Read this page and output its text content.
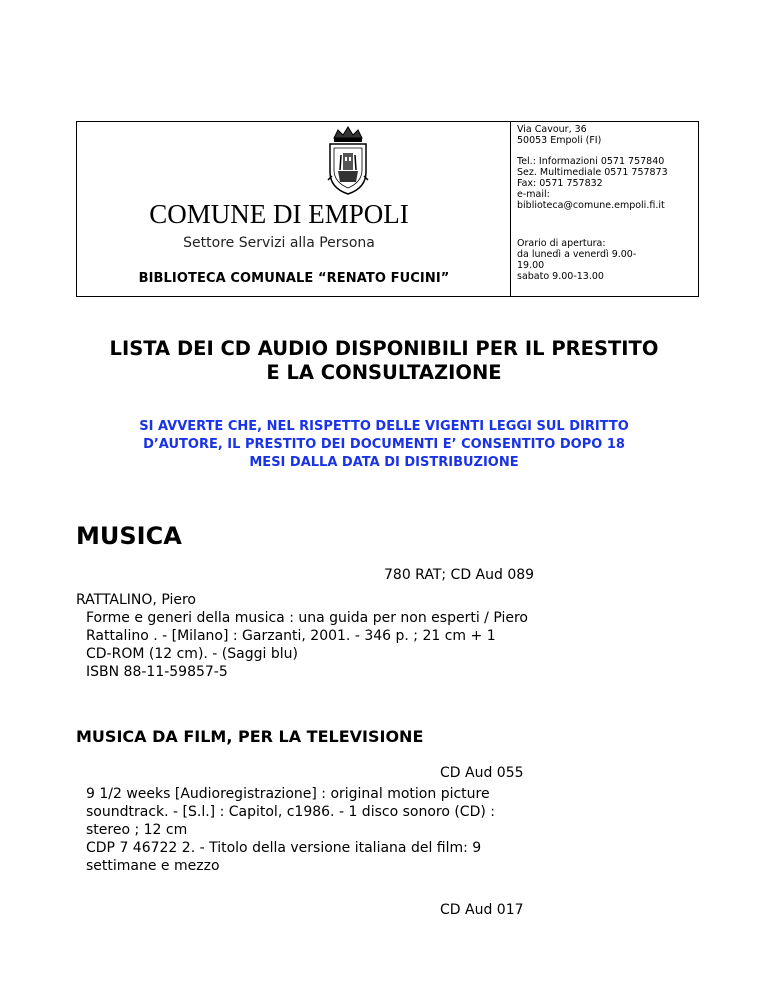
COMUNE DI EMPOLI
Settore Servizi alla Persona
BIBLIOTECA COMUNALE “RENATO FUCINI”

Via Cavour, 36

50053 Empoli (FI)

Tel.: Informazioni 0571 757840

Sez. Multimediale 0571 757873

Fax: 0571 757832

e-mail:

biblioteca@comune.empoli.fi.it

Orario di apertura:

da lunedì a venerdì 9.00-

19.00

sabato 9.00-13.00

LISTA DEI CD AUDIO DISPONIBILI PER IL PRESTITO
E LA CONSULTAZIONE
SI AVVERTE CHE, NEL RISPETTO DELLE VIGENTI LEGGI SUL DIRITTO
D’AUTORE, IL PRESTITO DEI DOCUMENTI E’ CONSENTITO DOPO 18
MESI DALLA DATA DI DISTRIBUZIONE
MUSICA
780 RAT; CD Aud 089

RATTALINO, Piero

Forme e generi della musica : una guida per non esperti / Piero

Rattalino . - [Milano] : Garzanti, 2001. - 346 p. ; 21 cm + 1

CD-ROM (12 cm). - (Saggi blu)

ISBN 88-11-59857-5

MUSICA DA FILM, PER LA TELEVISIONE
CD Aud 055

9 1/2 weeks [Audioregistrazione] : original motion picture

soundtrack. - [S.l.] : Capitol, c1986. - 1 disco sonoro (CD) :

stereo ; 12 cm

CDP 7 46722 2. - Titolo della versione italiana del film: 9

settimane e mezzo

CD Aud 017
